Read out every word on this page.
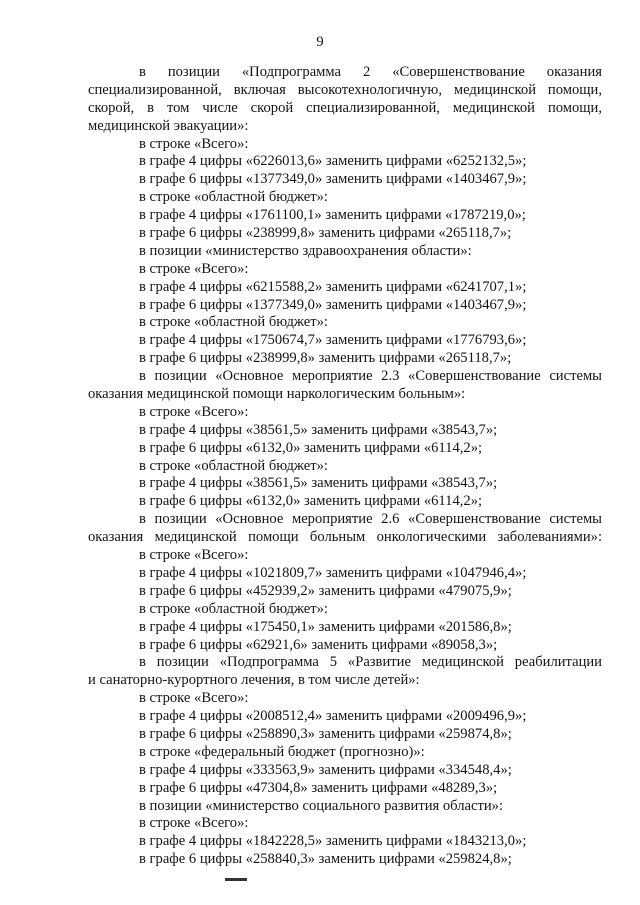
9
в позиции «Подпрограмма 2 «Совершенствование оказания
специализированной, включая высокотехнологичную, медицинской помощи,
скорой, в том числе скорой специализированной, медицинской помощи,
медицинской эвакуации»:
в строке «Всего»:
в графе 4 цифры «6226013,6» заменить цифрами «6252132,5»;
в графе 6 цифры «1377349,0» заменить цифрами «1403467,9»;
в строке «областной бюджет»:
в графе 4 цифры «1761100,1» заменить цифрами «1787219,0»;
в графе 6 цифры «238999,8» заменить цифрами «265118,7»;
в позиции «министерство здравоохранения области»:
в строке «Всего»:
в графе 4 цифры «6215588,2» заменить цифрами «6241707,1»;
в графе 6 цифры «1377349,0» заменить цифрами «1403467,9»;
в строке «областной бюджет»:
в графе 4 цифры «1750674,7» заменить цифрами «1776793,6»;
в графе 6 цифры «238999,8» заменить цифрами «265118,7»;
в позиции «Основное мероприятие 2.3 «Совершенствование системы
оказания медицинской помощи наркологическим больным»:
в строке «Всего»:
в графе 4 цифры «38561,5» заменить цифрами «38543,7»;
в графе 6 цифры «6132,0» заменить цифрами «6114,2»;
в строке «областной бюджет»:
в графе 4 цифры «38561,5» заменить цифрами «38543,7»;
в графе 6 цифры «6132,0» заменить цифрами «6114,2»;
в позиции «Основное мероприятие 2.6 «Совершенствование системы
оказания медицинской помощи больным онкологическими заболеваниями»:
в строке «Всего»:
в графе 4 цифры «1021809,7» заменить цифрами «1047946,4»;
в графе 6 цифры «452939,2» заменить цифрами «479075,9»;
в строке «областной бюджет»:
в графе 4 цифры «175450,1» заменить цифрами «201586,8»;
в графе 6 цифры «62921,6» заменить цифрами «89058,3»;
в позиции «Подпрограмма 5 «Развитие медицинской реабилитации
и санаторно-курортного лечения, в том числе детей»:
в строке «Всего»:
в графе 4 цифры «2008512,4» заменить цифрами «2009496,9»;
в графе 6 цифры «258890,3» заменить цифрами «259874,8»;
в строке «федеральный бюджет (прогнозно)»:
в графе 4 цифры «333563,9» заменить цифрами «334548,4»;
в графе 6 цифры «47304,8» заменить цифрами «48289,3»;
в позиции «министерство социального развития области»:
в строке «Всего»:
в графе 4 цифры «1842228,5» заменить цифрами «1843213,0»;
в графе 6 цифры «258840,3» заменить цифрами «259824,8»;
